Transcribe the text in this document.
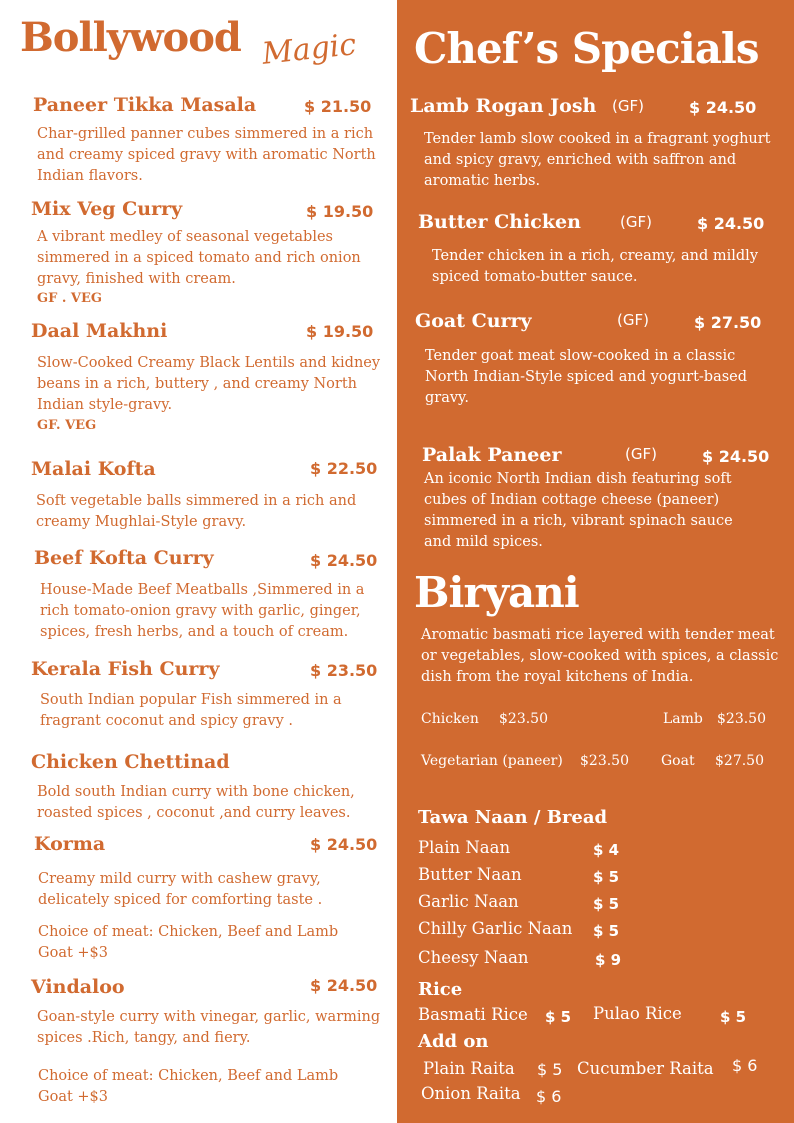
Bollywood Magic
Paneer Tikka Masala	$ 21.50
Char-grilled panner cubes simmered in a rich and creamy spiced gravy with aromatic North Indian flavors.
Mix Veg Curry	$ 19.50
A vibrant medley of seasonal vegetables simmered in a spiced tomato and rich onion gravy, finished with cream.
GF . VEG
Daal Makhni	$ 19.50
Slow-Cooked Creamy Black Lentils and kidney beans in a rich, buttery , and creamy North Indian style-gravy.
GF. VEG
Malai Kofta	$ 22.50
Soft vegetable balls simmered in a rich and creamy Mughlai-Style gravy.
Beef Kofta Curry	$ 24.50
House-Made Beef Meatballs ,Simmered in a rich tomato-onion gravy with garlic, ginger, spices, fresh herbs, and a touch of cream.
Kerala Fish Curry	$ 23.50
South Indian popular Fish simmered in a fragrant coconut and spicy gravy .
Chicken Chettinad
Bold south Indian curry with bone chicken, roasted spices , coconut ,and curry leaves.
Korma	$ 24.50
Creamy mild curry with cashew gravy, delicately spiced for comforting taste .
Choice of meat: Chicken, Beef and Lamb Goat +$3
Vindaloo	$ 24.50
Goan-style curry with vinegar, garlic, warming spices .Rich, tangy, and fiery.
Choice of meat: Chicken, Beef and Lamb Goat +$3
Chef’s Specials
Lamb Rogan Josh (GF)	$ 24.50
Tender lamb slow cooked in a fragrant yoghurt and spicy gravy, enriched with saffron and aromatic herbs.
Butter Chicken	(GF)	$ 24.50
Tender chicken in a rich, creamy, and mildly spiced tomato-butter sauce.
Goat Curry	(GF)	$ 27.50
Tender goat meat slow-cooked in a classic North Indian-Style spiced and yogurt-based gravy.
Palak Paneer	(GF)	$ 24.50
An iconic North Indian dish featuring soft cubes of Indian cottage cheese (paneer) simmered in a rich, vibrant spinach sauce and mild spices.
Biryani
Aromatic basmati rice layered with tender meat or vegetables, slow-cooked with spices, a classic dish from the royal kitchens of India.
Chicken $23.50	Lamb $23.50
Vegetarian (paneer) $23.50 Goat $27.50
Tawa Naan / Bread
Plain Naan	$ 4
Butter Naan	$ 5
Garlic Naan	$ 5
Chilly Garlic Naan $ 5
Cheesy Naan	$ 9
Rice
Basmati Rice $ 5 Pulao Rice	$ 5
Add on
Plain Raita $ 5 Cucumber Raita $ 6
Onion Raita $ 6
